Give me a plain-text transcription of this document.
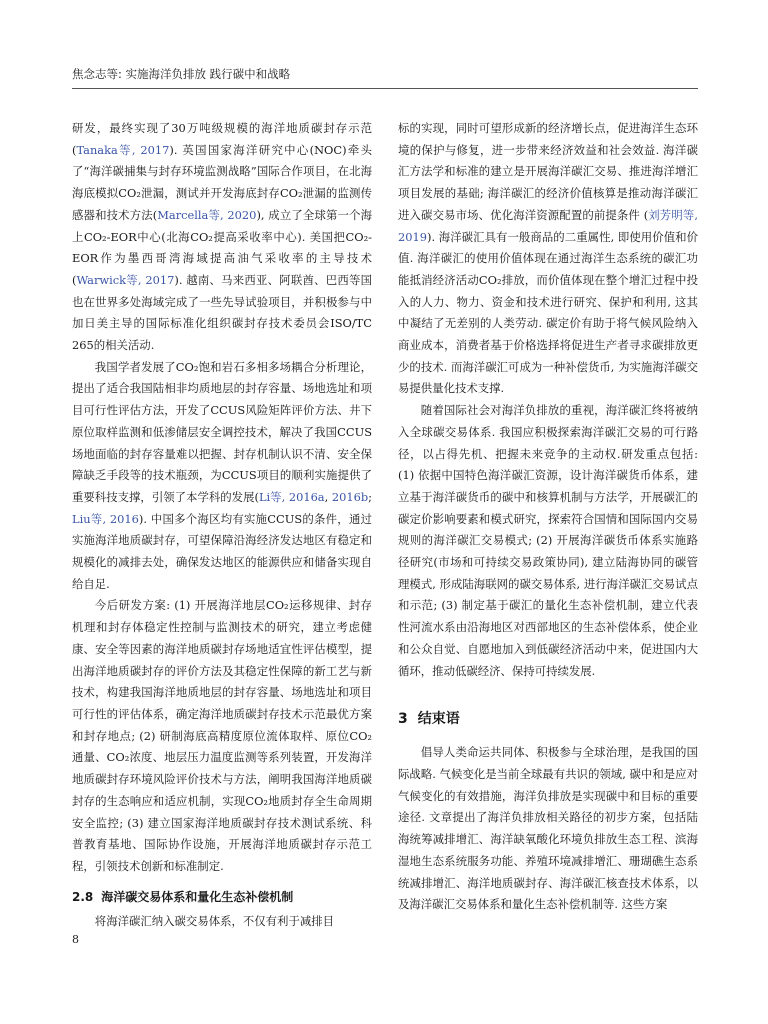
焦念志等: 实施海洋负排放 践行碳中和战略

研发，最终实现了30万吨级规模的海洋地质碳封存示范(Tanaka等, 2017). 英国国家海洋研究中心(NOC)牵头了“海洋碳捕集与封存环境监测战略”国际合作项目，在北海海底模拟CO₂泄漏，测试并开发海底封存CO₂泄漏的监测传感器和技术方法(Marcella等, 2020), 成立了全球第一个海上CO₂-EOR中心(北海CO₂提高采收率中心). 美国把CO₂-EOR作为墨西哥湾海域提高油气采收率的主导技术(Warwick等, 2017). 越南、马来西亚、阿联酋、巴西等国也在世界多处海域完成了一些先导试验项目，并积极参与中加日美主导的国际标准化组织碳封存技术委员会ISO/TC 265的相关活动.

我国学者发展了CO₂饱和岩石多相多场耦合分析理论，提出了适合我国陆相非均质地层的封存容量、场地选址和项目可行性评估方法，开发了CCUS风险矩阵评价方法、井下原位取样监测和低渗储层安全调控技术，解决了我国CCUS场地面临的封存容量难以把握、封存机制认识不清、安全保障缺乏手段等的技术瓶颈，为CCUS项目的顺利实施提供了重要科技支撑，引领了本学科的发展(Li等, 2016a, 2016b; Liu等, 2016). 中国多个海区均有实施CCUS的条件，通过实施海洋地质碳封存，可望保障沿海经济发达地区有稳定和规模化的减排去处，确保发达地区的能源供应和储备实现自给自足.

今后研发方案: (1) 开展海洋地层CO₂运移规律、封存机理和封存体稳定性控制与监测技术的研究，建立考虑健康、安全等因素的海洋地质碳封存场地适宜性评估模型，提出海洋地质碳封存的评价方法及其稳定性保障的新工艺与新技术，构建我国海洋地质地层的封存容量、场地选址和项目可行性的评估体系，确定海洋地质碳封存技术示范最优方案和封存地点; (2) 研制海底高精度原位流体取样、原位CO₂通量、CO₂浓度、地层压力温度监测等系列装置，开发海洋地质碳封存环境风险评价技术与方法，阐明我国海洋地质碳封存的生态响应和适应机制，实现CO₂地质封存全生命周期安全监控; (3) 建立国家海洋地质碳封存技术测试系统、科普教育基地、国际协作设施，开展海洋地质碳封存示范工程，引领技术创新和标准制定.

2.8 海洋碳交易体系和量化生态补偿机制

将海洋碳汇纳入碳交易体系，不仅有利于减排目

标的实现，同时可望形成新的经济增长点，促进海洋生态环境的保护与修复，进一步带来经济效益和社会效益. 海洋碳汇方法学和标准的建立是开展海洋碳汇交易、推进海洋增汇项目发展的基础; 海洋碳汇的经济价值核算是推动海洋碳汇进入碳交易市场、优化海洋资源配置的前提条件 (刘芳明等, 2019). 海洋碳汇具有一般商品的二重属性, 即使用价值和价值. 海洋碳汇的使用价值体现在通过海洋生态系统的碳汇功能抵消经济活动CO₂排放，而价值体现在整个增汇过程中投入的人力、物力、资金和技术进行研究、保护和利用, 这其中凝结了无差别的人类劳动. 碳定价有助于将气候风险纳入商业成本，消费者基于价格选择将促进生产者寻求碳排放更少的技术. 而海洋碳汇可成为一种补偿货币, 为实施海洋碳交易提供量化技术支撑.

随着国际社会对海洋负排放的重视，海洋碳汇终将被纳入全球碳交易体系. 我国应积极探索海洋碳汇交易的可行路径，以占得先机、把握未来竞争的主动权.研发重点包括: (1) 依据中国特色海洋碳汇资源，设计海洋碳货币体系，建立基于海洋碳货币的碳中和核算机制与方法学，开展碳汇的碳定价影响要素和模式研究，探索符合国情和国际国内交易规则的海洋碳汇交易模式; (2) 开展海洋碳货币体系实施路径研究(市场和可持续交易政策协同), 建立陆海协同的碳管理模式, 形成陆海联网的碳交易体系, 进行海洋碳汇交易试点和示范; (3) 制定基于碳汇的量化生态补偿机制，建立代表性河流水系由沿海地区对西部地区的生态补偿体系，使企业和公众自觉、自愿地加入到低碳经济活动中来，促进国内大循环，推动低碳经济、保持可持续发展.

3 结束语

倡导人类命运共同体、积极参与全球治理，是我国的国际战略. 气候变化是当前全球最有共识的领域, 碳中和是应对气候变化的有效措施，海洋负排放是实现碳中和目标的重要途径. 文章提出了海洋负排放相关路径的初步方案，包括陆海统筹减排增汇、海洋缺氧酸化环境负排放生态工程、滨海湿地生态系统服务功能、养殖环境减排增汇、珊瑚礁生态系统减排增汇、海洋地质碳封存、海洋碳汇核查技术体系，以及海洋碳汇交易体系和量化生态补偿机制等. 这些方案

8
